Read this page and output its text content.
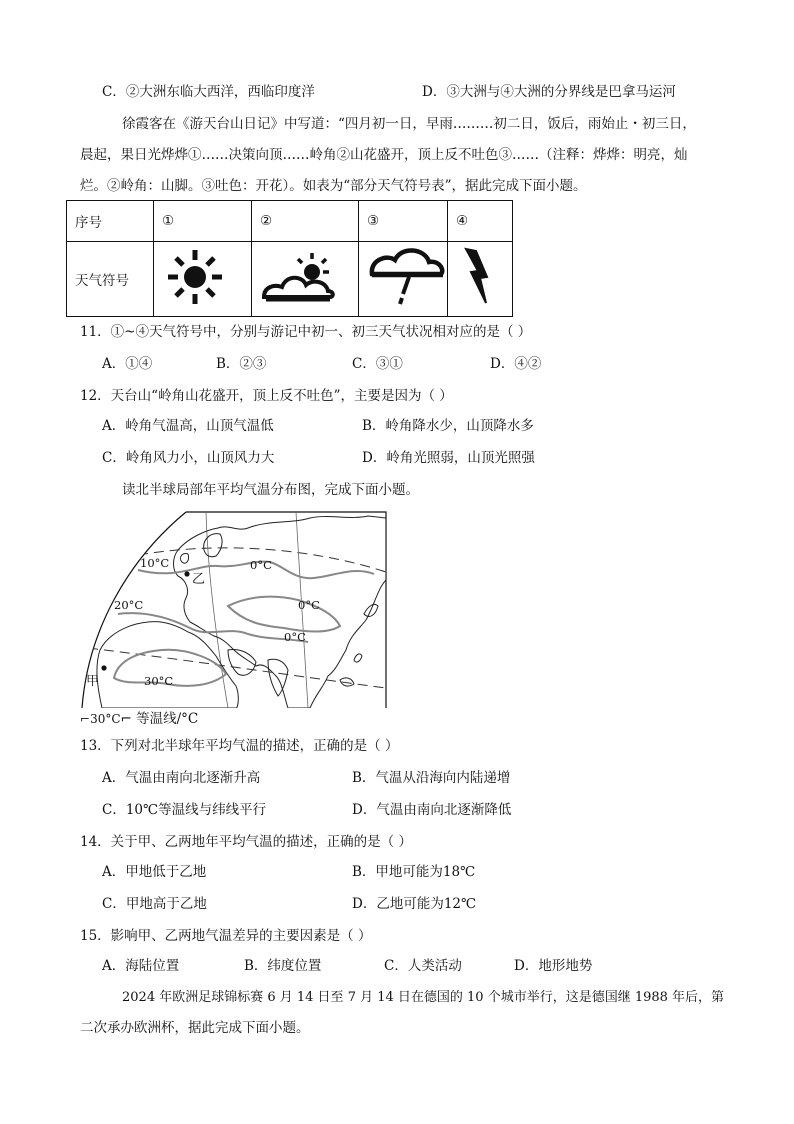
C．②大洲东临大西洋，西临印度洋	D．③大洲与④大洲的分界线是巴拿马运河
徐霞客在《游天台山日记》中写道：“四月初一日，早雨………初二日，饭后，雨始止・初三日，
晨起，果日光烨烨①……决策向顶……岭角②山花盛开，顶上反不吐色③……（注释：烨烨：明亮，灿
烂。②岭角：山脚。③吐色：开花）。如表为“部分天气符号表”，据此完成下面小题。
序号	①	②	③	④
天气符号				
11．①~④天气符号中，分别与游记中初一、初三天气状况相对应的是（ ）
A．①④	B．②③	C．③①	D．④②
12．天台山“岭角山花盛开，顶上反不吐色”，主要是因为（ ）
A．岭角气温高，山顶气温低	B．岭角降水少，山顶降水多
C．岭角风力小，山顶风力大	D．岭角光照弱，山顶光照强
读北半球局部年平均气温分布图，完成下面小题。
10°C
20°C
0°C
0°C
0°C
30°C
乙
甲
⌐30°C⌐ 等温线/°C
13．下列对北半球年平均气温的描述，正确的是（ ）
A．气温由南向北逐渐升高	B．气温从沿海向内陆递增
C．10℃等温线与纬线平行	D．气温由南向北逐渐降低
14．关于甲、乙两地年平均气温的描述，正确的是（ ）
A．甲地低于乙地	B．甲地可能为18℃
C．甲地高于乙地	D．乙地可能为12℃
15．影响甲、乙两地气温差异的主要因素是（ ）
A．海陆位置	B．纬度位置	C．人类活动	D．地形地势
2024 年欧洲足球锦标赛 6 月 14 日至 7 月 14 日在德国的 10 个城市举行，这是德国继 1988 年后，第
二次承办欧洲杯，据此完成下面小题。
